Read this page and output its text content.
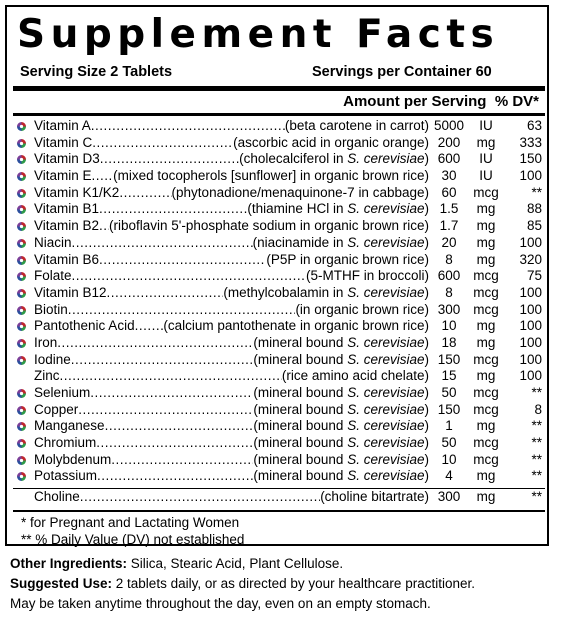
Supplement Facts
Serving Size 2 Tablets	Servings per Container 60
Amount per Serving % DV*
Vitamin A .....	(beta carotene in carrot) 5000	IU	63
Vitamin C .....	(ascorbic acid in organic orange) 200	mg	333
Vitamin D3 .....	(cholecalciferol in S. cerevisiae) 600	IU	150
Vitamin E ..... (mixed tocopherols [sunflower] in organic brown rice) 30	IU	100
Vitamin K1/K2 .....	(phytonadione/menaquinone-7 in cabbage) 60	mcg	**
Vitamin B1 .....	(thiamine HCl in S. cerevisiae) 1.5	mg	88
Vitamin B2 ..... (riboflavin 5'-phosphate sodium in organic brown rice) 1.7	mg	85
Niacin .....	(niacinamide in S. cerevisiae) 20	mg	100
Vitamin B6 .....	(P5P in organic brown rice)	8	mg	320
Folate .....	(5-MTHF in broccoli) 600 mcg	75
Vitamin B12 .....	(methylcobalamin in S. cerevisiae)	8	mcg	100
Biotin .....	(in organic brown rice) 300 mcg	100
Pantothenic Acid ..... (calcium pantothenate in organic brown rice) 10	mg	100
Iron .....	(mineral bound S. cerevisiae) 18	mg	100
Iodine .....	(mineral bound S. cerevisiae) 150 mcg	100
Zinc .....	(rice amino acid chelate) 15	mg	100
Selenium .....	(mineral bound S. cerevisiae) 50	mcg	**
Copper .....	(mineral bound S. cerevisiae) 150 mcg	8
Manganese .....	(mineral bound S. cerevisiae)	1	mg	**
Chromium .....	(mineral bound S. cerevisiae) 50	mcg	**
Molybdenum .....	(mineral bound S. cerevisiae) 10	mcg	**
Potassium .....	(mineral bound S. cerevisiae)	4	mg	**
Choline .....	(choline bitartrate) 300	mg	**
* for Pregnant and Lactating Women
** % Daily Value (DV) not established
Other Ingredients: Silica, Stearic Acid, Plant Cellulose.
Suggested Use: 2 tablets daily, or as directed by your healthcare practitioner.
May be taken anytime throughout the day, even on an empty stomach.
